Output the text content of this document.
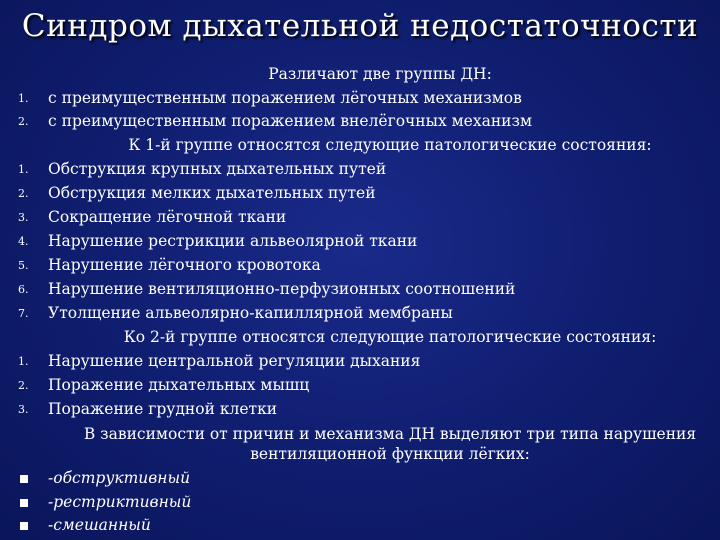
Синдром дыхательной недостаточности
Различают две группы ДН:
1.	с преимущественным поражением лёгочных механизмов
2.	с преимущественным поражением внелёгочных механизм
К 1-й группе относятся следующие патологические состояния:
1.	Обструкция крупных дыхательных путей
2.	Обструкция мелких дыхательных путей
3.	Сокращение лёгочной ткани
4.	Нарушение рестрикции альвеолярной ткани
5.	Нарушение лёгочного кровотока
6.	Нарушение вентиляционно-перфузионных соотношений
7.	Утолщение альвеолярно-капиллярной мембраны
Ко 2-й группе относятся следующие патологические состояния:
1.	Нарушение центральной регуляции дыхания
2.	Поражение дыхательных мышц
3.	Поражение грудной клетки
В зависимости от причин и механизма ДН выделяют три типа нарушения
вентиляционной функции лёгких:
-обструктивный
-рестриктивный
-смешанный
